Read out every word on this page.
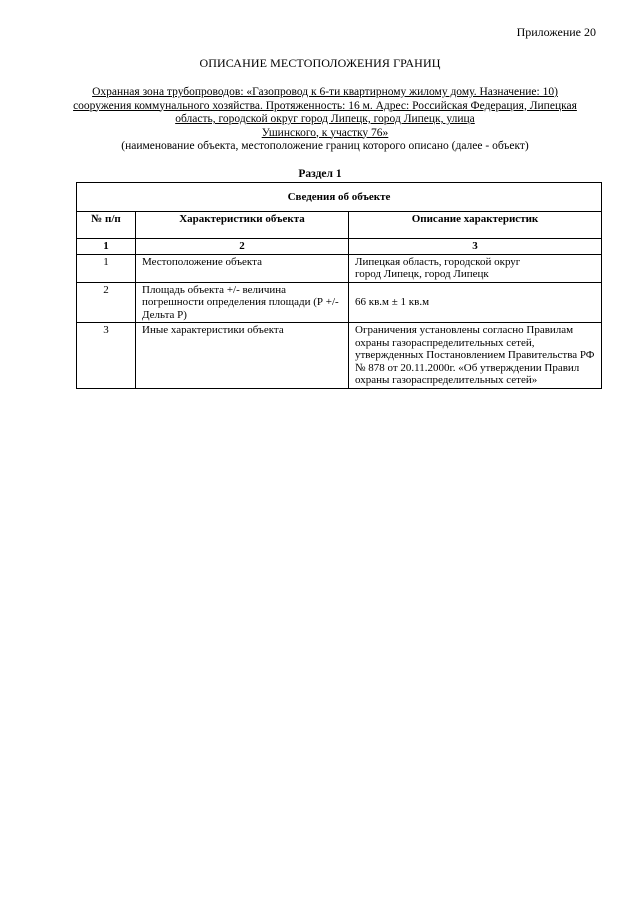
Приложение 20
ОПИСАНИЕ МЕСТОПОЛОЖЕНИЯ ГРАНИЦ
Охранная зона трубопроводов: «Газопровод к 6-ти квартирному жилому дому. Назначение: 10)
сооружения коммунального хозяйства. Протяженность: 16 м. Адрес: Российская Федерация, Липецкая
область, городской округ город Липецк, город Липецк, улица
Ушинского, к участку 76»
(наименование объекта, местоположение границ которого описано (далее - объект)
Раздел 1
Сведения об объекте		
№ п/п	Характеристики объекта	Описание характеристик
1	2	3
1	Местоположение объекта	Липецкая область, городской округ
город Липецк, город Липецк
2	Площадь объекта +/- величина погрешности определения площади (Р +/- Дельта Р)	66 кв.м ± 1 кв.м
3	Иные характеристики объекта	Ограничения установлены согласно Правилам охраны газораспределительных сетей, утвержденных Постановлением Правительства РФ № 878 от 20.11.2000г. «Об утверждении Правил охраны газораспределительных сетей»
